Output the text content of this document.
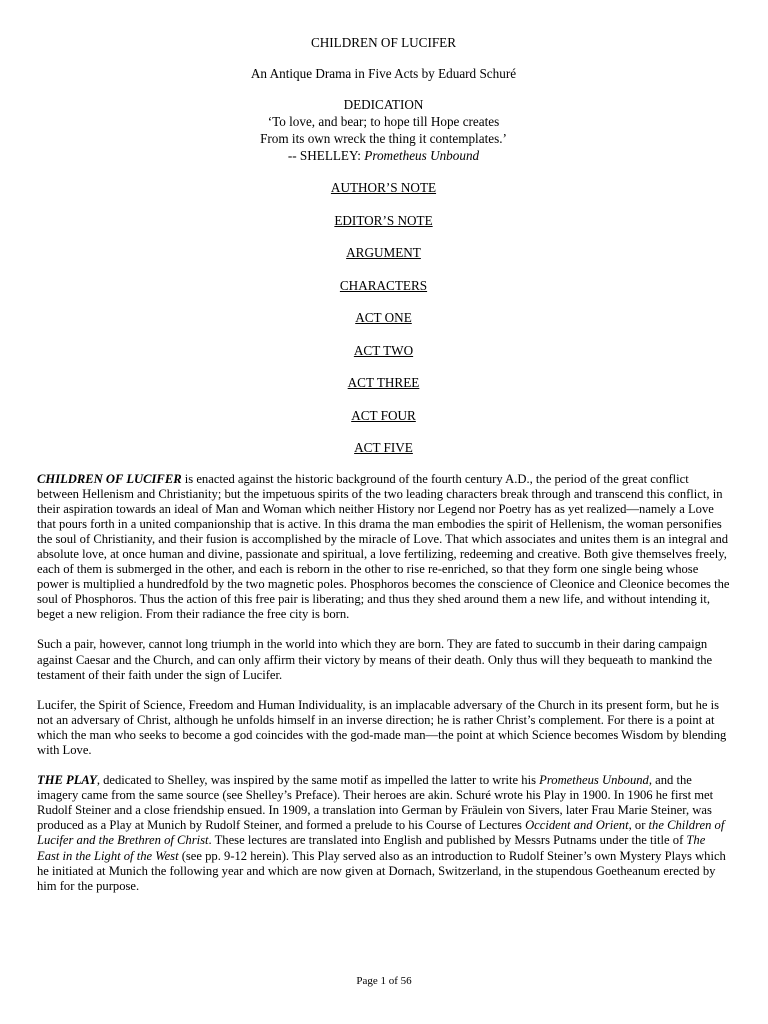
CHILDREN OF LUCIFER
An Antique Drama in Five Acts by Eduard Schuré
DEDICATION
‘To love, and bear; to hope till Hope creates
From its own wreck the thing it contemplates.’
-- SHELLEY: Prometheus Unbound
AUTHOR’S NOTE
EDITOR’S NOTE
ARGUMENT
CHARACTERS
ACT ONE
ACT TWO
ACT THREE
ACT FOUR
ACT FIVE

CHILDREN OF LUCIFER is enacted against the historic background of the fourth century A.D., the period of the great conflict between Hellenism and Christianity; but the impetuous spirits of the two leading characters break through and transcend this conflict, in their aspiration towards an ideal of Man and Woman which neither History nor Legend nor Poetry has as yet realized—namely a Love that pours forth in a united companionship that is active. In this drama the man embodies the spirit of Hellenism, the woman personifies the soul of Christianity, and their fusion is accomplished by the miracle of Love. That which associates and unites them is an integral and absolute love, at once human and divine, passionate and spiritual, a love fertilizing, redeeming and creative. Both give themselves freely, each of them is submerged in the other, and each is reborn in the other to rise re-enriched, so that they form one single being whose power is multiplied a hundredfold by the two magnetic poles. Phosphoros becomes the conscience of Cleonice and Cleonice becomes the soul of Phosphoros. Thus the action of this free pair is liberating; and thus they shed around them a new life, and without intending it, beget a new religion. From their radiance the free city is born.

Such a pair, however, cannot long triumph in the world into which they are born. They are fated to succumb in their daring campaign against Caesar and the Church, and can only affirm their victory by means of their death. Only thus will they bequeath to mankind the testament of their faith under the sign of Lucifer.

Lucifer, the Spirit of Science, Freedom and Human Individuality, is an implacable adversary of the Church in its present form, but he is not an adversary of Christ, although he unfolds himself in an inverse direction; he is rather Christ’s complement. For there is a point at which the man who seeks to become a god coincides with the god-made man—the point at which Science becomes Wisdom by blending with Love.

THE PLAY, dedicated to Shelley, was inspired by the same motif as impelled the latter to write his Prometheus Unbound, and the imagery came from the same source (see Shelley’s Preface). Their heroes are akin. Schuré wrote his Play in 1900. In 1906 he first met Rudolf Steiner and a close friendship ensued. In 1909, a translation into German by Fräulein von Sivers, later Frau Marie Steiner, was produced as a Play at Munich by Rudolf Steiner, and formed a prelude to his Course of Lectures Occident and Orient, or the Children of Lucifer and the Brethren of Christ. These lectures are translated into English and published by Messrs Putnams under the title of The East in the Light of the West (see pp. 9-12 herein). This Play served also as an introduction to Rudolf Steiner’s own Mystery Plays which he initiated at Munich the following year and which are now given at Dornach, Switzerland, in the stupendous Goetheanum erected by him for the purpose.

Page 1 of 56
